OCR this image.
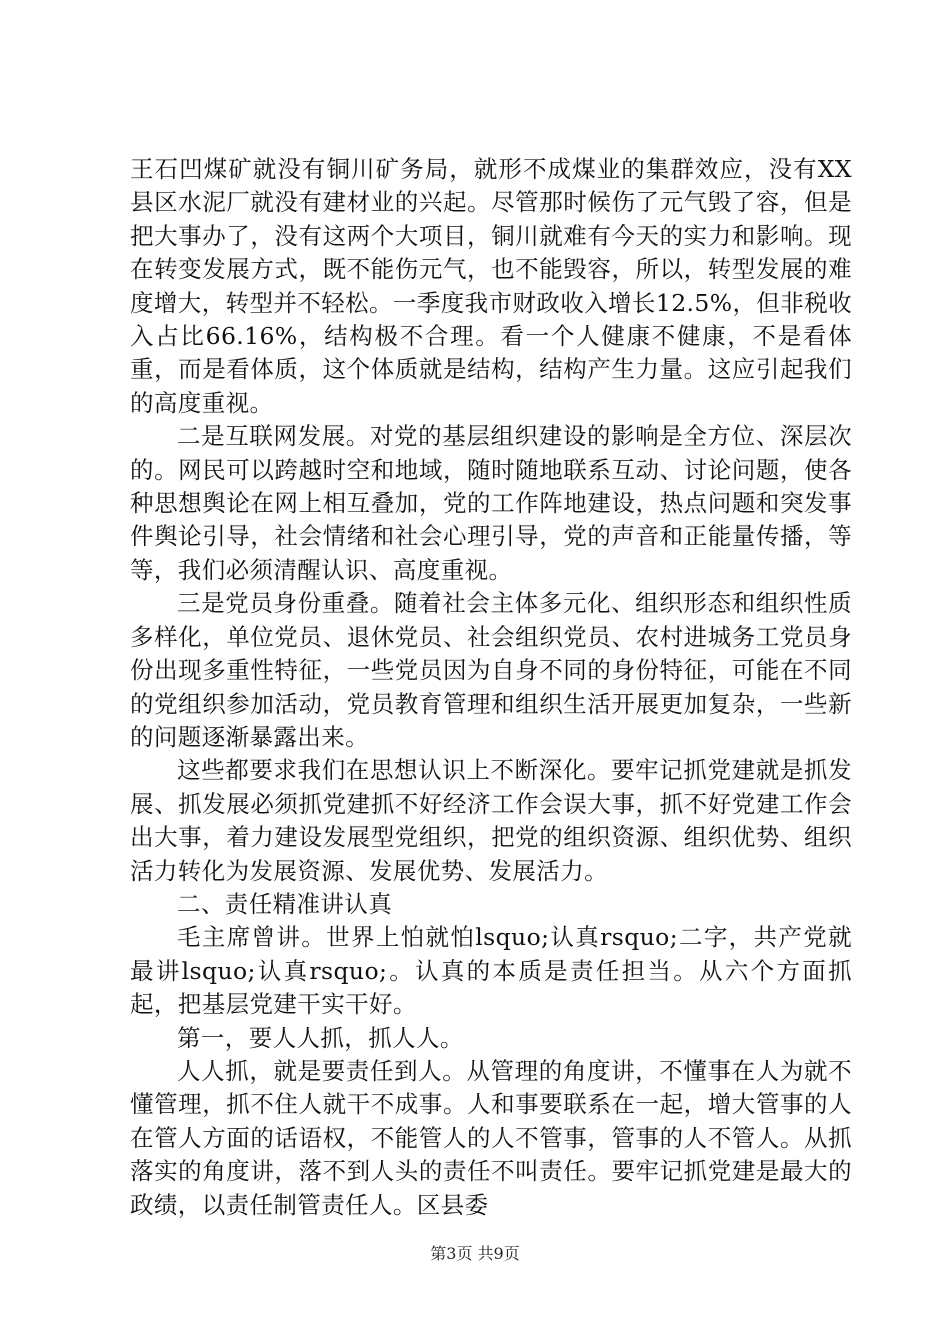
王石凹煤矿就没有铜川矿务局，就形不成煤业的集群效应，没有XX县区水泥厂就没有建材业的兴起。尽管那时候伤了元气毁了容，但是把大事办了，没有这两个大项目，铜川就难有今天的实力和影响。现在转变发展方式，既不能伤元气，也不能毁容，所以，转型发展的难度增大，转型并不轻松。一季度我市财政收入增长12.5%，但非税收入占比66.16%，结构极不合理。看一个人健康不健康，不是看体重，而是看体质，这个体质就是结构，结构产生力量。这应引起我们的高度重视。

二是互联网发展。对党的基层组织建设的影响是全方位、深层次的。网民可以跨越时空和地域，随时随地联系互动、讨论问题，使各种思想舆论在网上相互叠加，党的工作阵地建设，热点问题和突发事件舆论引导，社会情绪和社会心理引导，党的声音和正能量传播，等等，我们必须清醒认识、高度重视。

三是党员身份重叠。随着社会主体多元化、组织形态和组织性质多样化，单位党员、退休党员、社会组织党员、农村进城务工党员身份出现多重性特征，一些党员因为自身不同的身份特征，可能在不同的党组织参加活动，党员教育管理和组织生活开展更加复杂，一些新的问题逐渐暴露出来。

这些都要求我们在思想认识上不断深化。要牢记抓党建就是抓发展、抓发展必须抓党建抓不好经济工作会误大事，抓不好党建工作会出大事，着力建设发展型党组织，把党的组织资源、组织优势、组织活力转化为发展资源、发展优势、发展活力。

二、责任精准讲认真

毛主席曾讲。世界上怕就怕lsquo;认真rsquo;二字，共产党就最讲lsquo;认真rsquo;。认真的本质是责任担当。从六个方面抓起，把基层党建干实干好。

第一，要人人抓，抓人人。

人人抓，就是要责任到人。从管理的角度讲，不懂事在人为就不懂管理，抓不住人就干不成事。人和事要联系在一起，增大管事的人在管人方面的话语权，不能管人的人不管事，管事的人不管人。从抓落实的角度讲，落不到人头的责任不叫责任。要牢记抓党建是最大的政绩，以责任制管责任人。区县委

第3页 共9页
